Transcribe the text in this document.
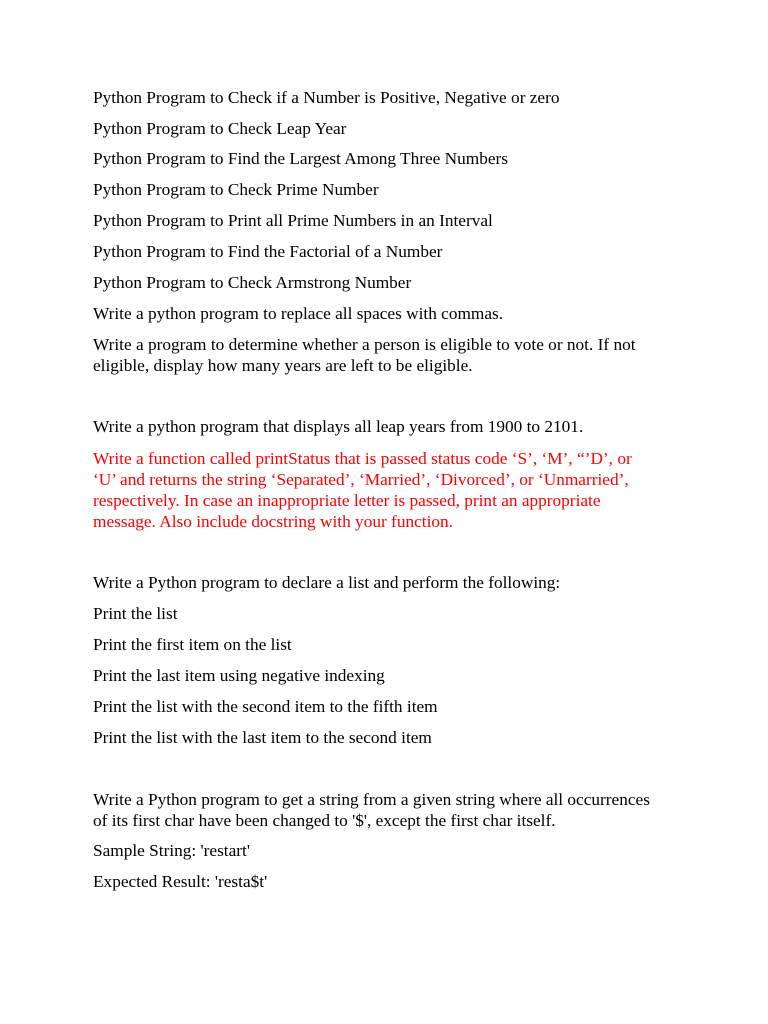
Python Program to Check if a Number is Positive, Negative or zero

Python Program to Check Leap Year

Python Program to Find the Largest Among Three Numbers

Python Program to Check Prime Number

Python Program to Print all Prime Numbers in an Interval

Python Program to Find the Factorial of a Number

Python Program to Check Armstrong Number

Write a python program to replace all spaces with commas.

Write a program to determine whether a person is eligible to vote or not. If not
eligible, display how many years are left to be eligible.

Write a python program that displays all leap years from 1900 to 2101.

Write a function called printStatus that is passed status code ‘S’, ‘M’, “’D’, or
‘U’ and returns the string ‘Separated’, ‘Married’, ‘Divorced’, or ‘Unmarried’,
respectively. In case an inappropriate letter is passed, print an appropriate
message. Also include docstring with your function.

Write a Python program to declare a list and perform the following:

Print the list

Print the first item on the list

Print the last item using negative indexing

Print the list with the second item to the fifth item

Print the list with the last item to the second item

Write a Python program to get a string from a given string where all occurrences
of its first char have been changed to '$', except the first char itself.

Sample String: 'restart'

Expected Result: 'resta$t'
